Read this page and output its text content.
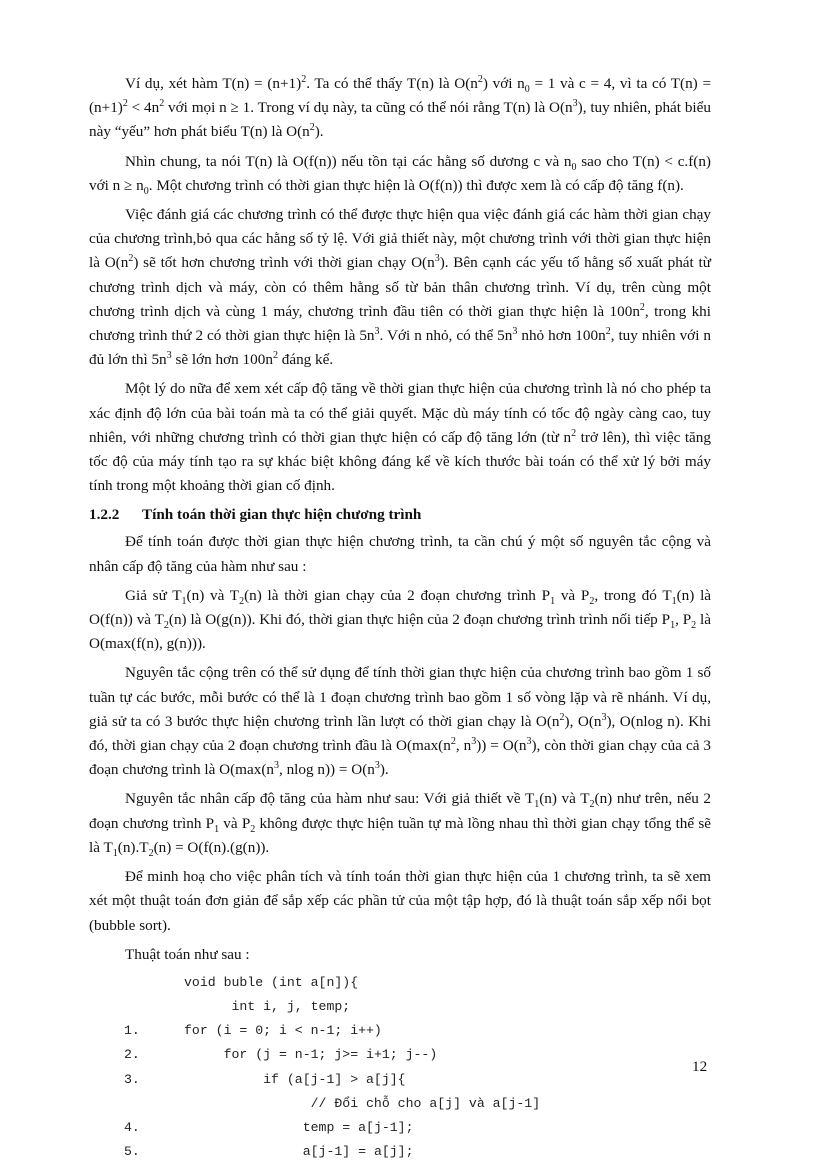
Ví dụ, xét hàm $T(n) = (n+1)^2$. Ta có thể thấy T(n) là $O(n^2)$ với $n_0 = 1$ và c = 4, vì ta có $T(n) = (n+1)^2 < 4n^2$ với mọi n ≥ 1. Trong ví dụ này, ta cũng có thể nói rằng T(n) là $O(n^3)$, tuy nhiên, phát biểu này “yếu” hơn phát biểu T(n) là $O(n^2)$.

Nhìn chung, ta nói T(n) là O(f(n)) nếu tồn tại các hằng số dương c và $n_0$ sao cho T(n) < c.f(n) với $n \ge n_0$. Một chương trình có thời gian thực hiện là O(f(n)) thì được xem là có cấp độ tăng f(n).

Việc đánh giá các chương trình có thể được thực hiện qua việc đánh giá các hàm thời gian chạy của chương trình,bỏ qua các hằng số tỷ lệ. Với giả thiết này, một chương trình với thời gian thực hiện là $O(n^2)$ sẽ tốt hơn chương trình với thời gian chạy $O(n^3)$. Bên cạnh các yếu tố hằng số xuất phát từ chương trình dịch và máy, còn có thêm hằng số từ bản thân chương trình. Ví dụ, trên cùng một chương trình dịch và cùng 1 máy, chương trình đầu tiên có thời gian thực hiện là $100n^2$, trong khi chương trình thứ 2 có thời gian thực hiện là $5n^3$. Với n nhỏ, có thể $5n^3$ nhỏ hơn $100n^2$, tuy nhiên với n đủ lớn thì $5n^3$ sẽ lớn hơn $100n^2$ đáng kể.

Một lý do nữa để xem xét cấp độ tăng về thời gian thực hiện của chương trình là nó cho phép ta xác định độ lớn của bài toán mà ta có thể giải quyết. Mặc dù máy tính có tốc độ ngày càng cao, tuy nhiên, với những chương trình có thời gian thực hiện có cấp độ tăng lớn (từ $n^2$ trở lên), thì việc tăng tốc độ của máy tính tạo ra sự khác biệt không đáng kể về kích thước bài toán có thể xử lý bởi máy tính trong một khoảng thời gian cố định.

1.2.2 Tính toán thời gian thực hiện chương trình

Để tính toán được thời gian thực hiện chương trình, ta cần chú ý một số nguyên tắc cộng và nhân cấp độ tăng của hàm như sau :

Giả sử $T_1(n)$ và $T_2(n)$ là thời gian chạy của 2 đoạn chương trình $P_1$ và $P_2$, trong đó $T_1(n)$ là O(f(n)) và $T_2(n)$ là O(g(n)). Khi đó, thời gian thực hiện của 2 đoạn chương trình trình nối tiếp $P_1$, $P_2$ là O(max(f(n), g(n))).

Nguyên tắc cộng trên có thể sử dụng để tính thời gian thực hiện của chương trình bao gồm 1 số tuần tự các bước, mỗi bước có thể là 1 đoạn chương trình bao gồm 1 số vòng lặp và rẽ nhánh. Ví dụ, giả sử ta có 3 bước thực hiện chương trình lần lượt có thời gian chạy là $O(n^2)$, $O(n^3)$, O(nlog n). Khi đó, thời gian chạy của 2 đoạn chương trình đầu là $O(\max(n^2$, $n^3)) = O(n^3)$, còn thời gian chạy của cả 3 đoạn chương trình là $O(\max(n^3$, nlog $n)) = O(n^3)$.

Nguyên tắc nhân cấp độ tăng của hàm như sau: Với giả thiết về $T_1(n)$ và $T_2(n)$ như trên, nếu 2 đoạn chương trình $P_1$ và $P_2$ không được thực hiện tuần tự mà lồng nhau thì thời gian chạy tổng thể sẽ là $T_1(n).T_2(n) = O(f(n).(g(n))$.

Để minh hoạ cho việc phân tích và tính toán thời gian thực hiện của 1 chương trình, ta sẽ xem xét một thuật toán đơn giản để sắp xếp các phần tử của một tập hợp, đó là thuật toán sắp xếp nổi bọt (bubble sort).

Thuật toán như sau :

void buble (int a[n]){
int i, j, temp;
1.	for (i = 0; i < n-1; i++)
2.	for (j = n-1; j>= i+1; j--)
3.	if (a[j-1] > a[j]{
// Đổi chỗ cho a[j] và a[j-1]
4.	temp = a[j-1];
5.	a[j-1] = a[j];
12
